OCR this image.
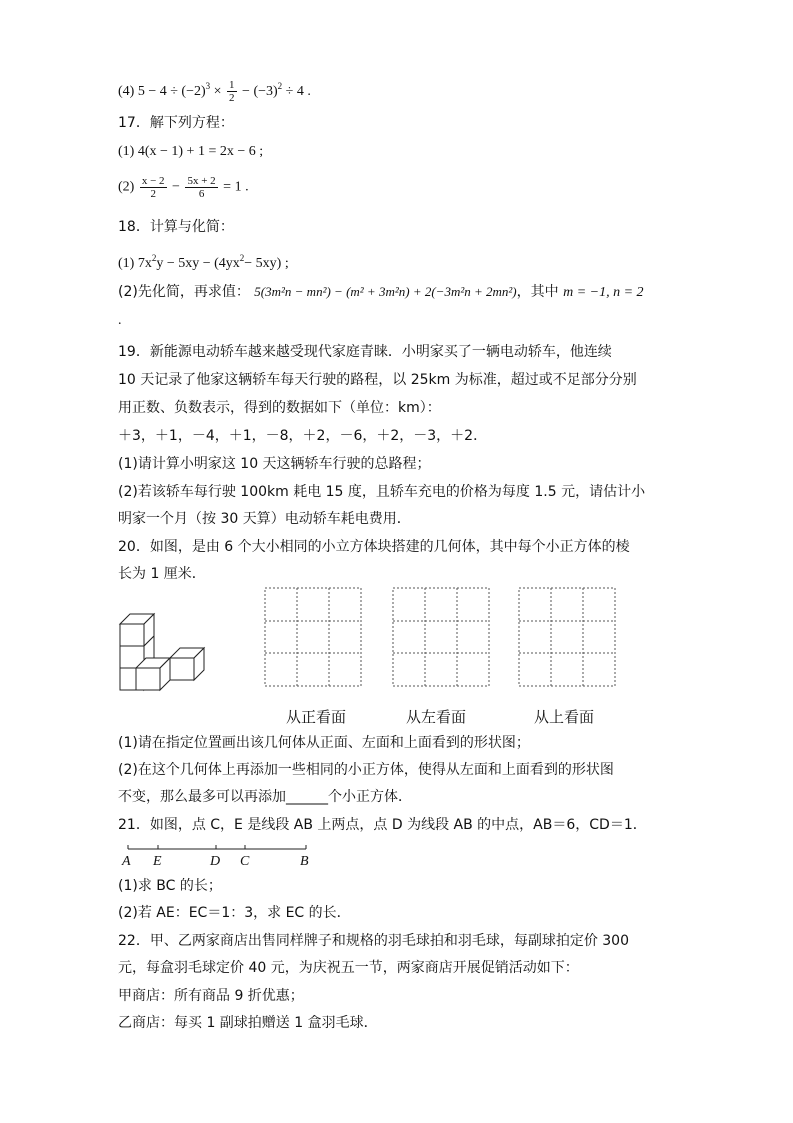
(4) $5 - 4 \div (-2)^3 \times \frac{1}{2} - (-3)^2 \div 4$ .
17．解下列方程：
(1) 4(x − 1) + 1 = 2x − 6 ;
$(2) \frac{x - 2}{2} - \frac{5x + 2}{6} = 1$ .
18．计算与化简：
(1) $7x^2y - 5xy - (4yx^2- 5xy)$ ;
(2)先化简，再求值： 5(3m²n − mn²) − (m² + 3m²n) + 2(−3m²n + 2mn²)，其中 m = −1, n = 2
.
19．新能源电动轿车越来越受现代家庭青睐．小明家买了一辆电动轿车，他连续
10 天记录了他家这辆轿车每天行驶的路程，以 25km 为标准，超过或不足部分分别
用正数、负数表示，得到的数据如下（单位：km）：
＋3，＋1，－4，＋1，－8，＋2，－6，＋2，－3，＋2．
(1)请计算小明家这 10 天这辆轿车行驶的总路程；
(2)若该轿车每行驶 100km 耗电 15 度，且轿车充电的价格为每度 1.5 元，请估计小
明家一个月（按 30 天算）电动轿车耗电费用．
20．如图，是由 6 个大小相同的小立方体块搭建的几何体，其中每个小正方体的棱
长为 1 厘米．
从正看面	从左看面	从上看面
(1)请在指定位置画出该几何体从正面、左面和上面看到的形状图；
(2)在这个几何体上再添加一些相同的小正方体，使得从左面和上面看到的形状图
不变，那么最多可以再添加______个小正方体．
21．如图，点 C，E 是线段 AB 上两点，点 D 为线段 AB 的中点，AB＝6，CD＝1．
A E	D C	B
(1)求 BC 的长；
(2)若 AE：EC＝1：3，求 EC 的长．
22．甲、乙两家商店出售同样牌子和规格的羽毛球拍和羽毛球，每副球拍定价 300
元，每盒羽毛球定价 40 元，为庆祝五一节，两家商店开展促销活动如下：
甲商店：所有商品 9 折优惠；
乙商店：每买 1 副球拍赠送 1 盒羽毛球．
